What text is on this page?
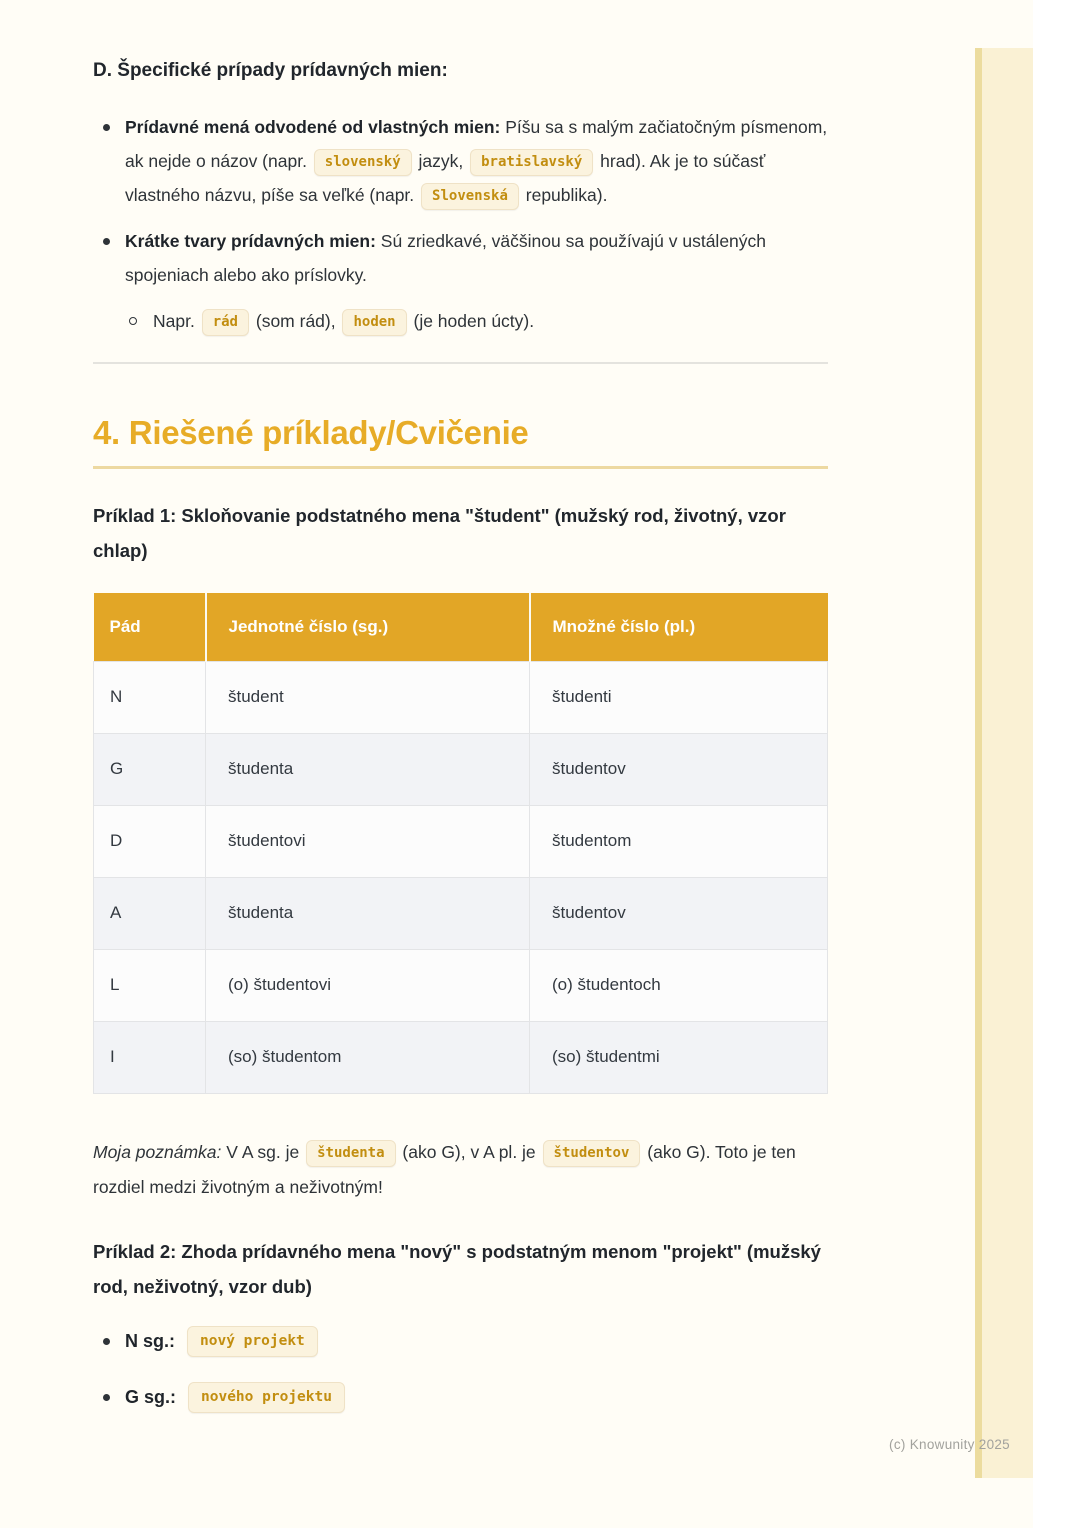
D. Špecifické prípady prídavných mien:
Prídavné mená odvodené od vlastných mien: Píšu sa s malým začiatočným písmenom, ak nejde o názov (napr. slovenský jazyk, bratislavský hrad). Ak je to súčasť vlastného názvu, píše sa veľké (napr. Slovenská republika).
Krátke tvary prídavných mien: Sú zriedkavé, väčšinou sa používajú v ustálených spojeniach alebo ako príslovky.
Napr. rád (som rád), hoden (je hoden úcty).
4. Riešené príklady/Cvičenie

Príklad 1: Skloňovanie podstatného mena "študent" (mužský rod, životný, vzor chlap)

Pád	Jednotné číslo (sg.)	Množné číslo (pl.)
N	študent	študenti
G	študenta	študentov
D	študentovi	študentom
A	študenta	študentov
L	(o) študentovi	(o) študentoch
I	(so) študentom	(so) študentmi

Moja poznámka: V A sg. je študenta (ako G), v A pl. je študentov (ako G). Toto je ten rozdiel medzi životným a neživotným!

Príklad 2: Zhoda prídavného mena "nový" s podstatným menom "projekt" (mužský rod, neživotný, vzor dub)

N sg.:	nový projekt
G sg.:	nového projektu
(c) Knowunity 2025
